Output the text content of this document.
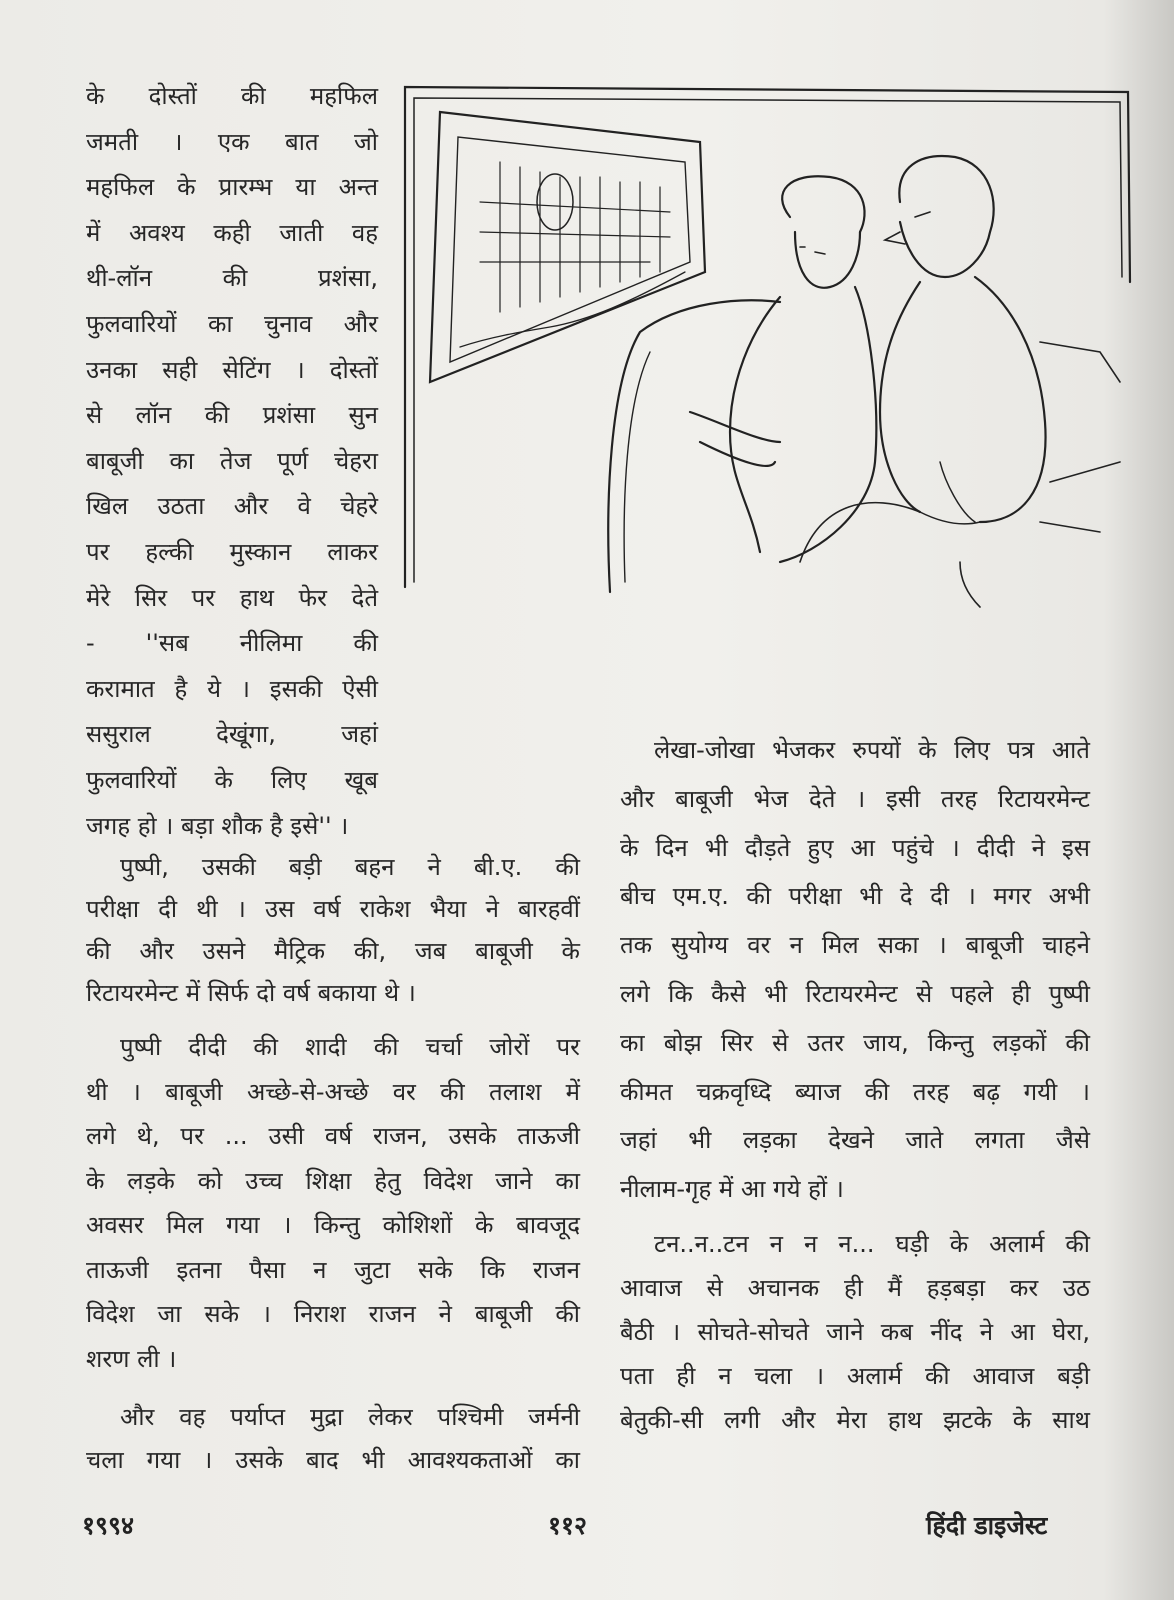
के दोस्तों की महफिल
जमती । एक बात जो
महफिल के प्रारम्भ या अन्त
में अवश्य कही जाती वह
थी-लॉन की प्रशंसा,
फुलवारियों का चुनाव और
उनका सही सेटिंग । दोस्तों
से लॉन की प्रशंसा सुन
बाबूजी का तेज पूर्ण चेहरा
खिल उठता और वे चेहरे
पर हल्की मुस्कान लाकर
मेरे सिर पर हाथ फेर देते
- ''सब नीलिमा की
करामात है ये । इसकी ऐसी
ससुराल देखूंगा, जहां
फुलवारियों के लिए खूब
जगह हो । बड़ा शौक है इसे'' ।
पुष्पी, उसकी बड़ी बहन ने बी.ए. की
परीक्षा दी थी । उस वर्ष राकेश भैया ने बारहवीं
की और उसने मैट्रिक की, जब बाबूजी के
रिटायरमेन्ट में सिर्फ दो वर्ष बकाया थे ।
पुष्पी दीदी की शादी की चर्चा जोरों पर
थी । बाबूजी अच्छे-से-अच्छे वर की तलाश में
लगे थे, पर ... उसी वर्ष राजन, उसके ताऊजी
के लड़के को उच्च शिक्षा हेतु विदेश जाने का
अवसर मिल गया । किन्तु कोशिशों के बावजूद
ताऊजी इतना पैसा न जुटा सके कि राजन
विदेश जा सके । निराश राजन ने बाबूजी की
शरण ली ।
और वह पर्याप्त मुद्रा लेकर पश्चिमी जर्मनी
चला गया । उसके बाद भी आवश्यकताओं का
लेखा-जोखा भेजकर रुपयों के लिए पत्र आते
और बाबूजी भेज देते । इसी तरह रिटायरमेन्ट
के दिन भी दौड़ते हुए आ पहुंचे । दीदी ने इस
बीच एम.ए. की परीक्षा भी दे दी । मगर अभी
तक सुयोग्य वर न मिल सका । बाबूजी चाहने
लगे कि कैसे भी रिटायरमेन्ट से पहले ही पुष्पी
का बोझ सिर से उतर जाय, किन्तु लड़कों की
कीमत चक्रवृध्दि ब्याज की तरह बढ़ गयी ।
जहां भी लड़का देखने जाते लगता जैसे
नीलाम-गृह में आ गये हों ।
टन..न..टन न न न... घड़ी के अलार्म की
आवाज से अचानक ही मैं हड़बड़ा कर उठ
बैठी । सोचते-सोचते जाने कब नींद ने आ घेरा,
पता ही न चला । अलार्म की आवाज बड़ी
बेतुकी-सी लगी और मेरा हाथ झटके के साथ
१९९४	११२	हिंदी डाइजेस्ट
